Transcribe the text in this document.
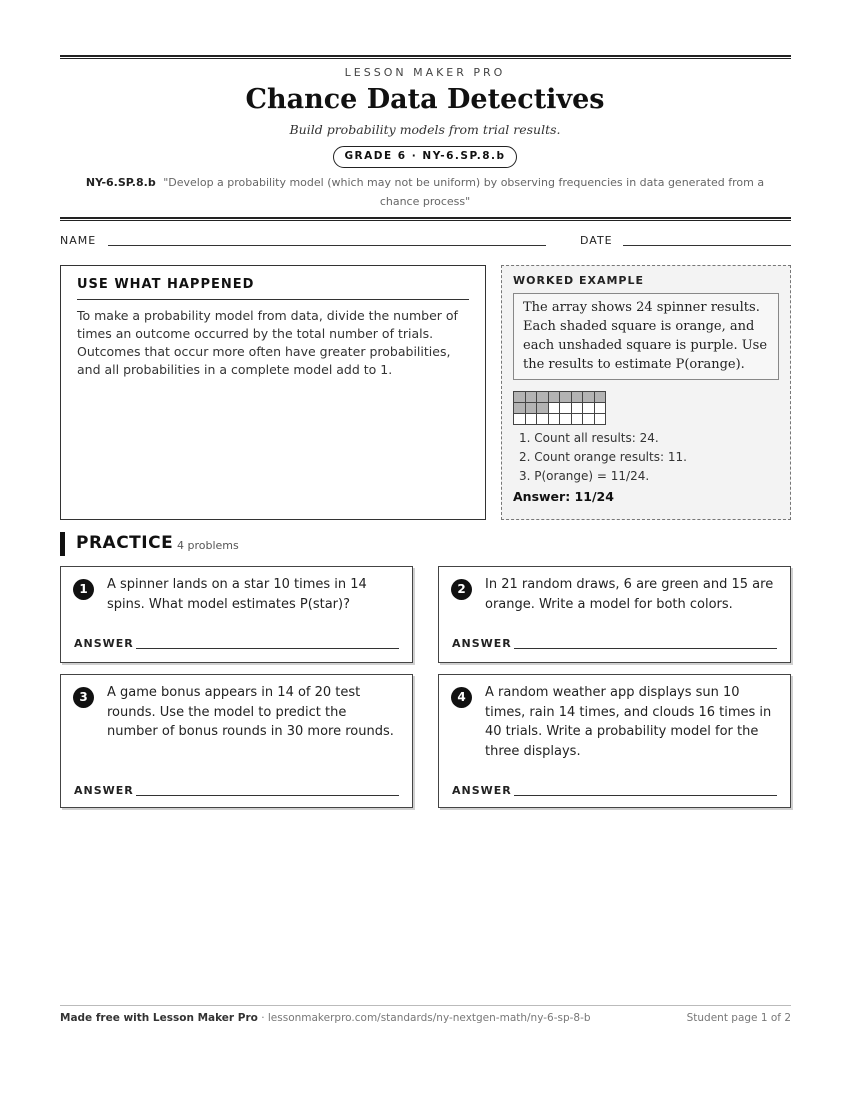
LESSON MAKER PRO
Chance Data Detectives
Build probability models from trial results.
GRADE 6 · NY-6.SP.8.b
NY-6.SP.8.b "Develop a probability model (which may not be uniform) by observing frequencies in data generated from a chance process"
NAME	DATE
USE WHAT HAPPENED

To make a probability model from data, divide the number of times an outcome occurred by the total number of trials. Outcomes that occur more often have greater probabilities, and all probabilities in a complete model add to 1.

WORKED EXAMPLE
The array shows 24 spinner results. Each shaded square is orange, and each unshaded square is purple. Use the results to estimate P(orange).
1. Count all results: 24.
2. Count orange results: 11.
3. P(orange) = 11/24.
Answer: 11/24
PRACTICE 4 problems
1	A spinner lands on a star 10 times in 14 spins. What model estimates P(star)?
ANSWER
2	In 21 random draws, 6 are green and 15 are orange. Write a model for both colors.
ANSWER
3	A game bonus appears in 14 of 20 test rounds. Use the model to predict the number of bonus rounds in 30 more rounds.
ANSWER
4	A random weather app displays sun 10 times, rain 14 times, and clouds 16 times in 40 trials. Write a probability model for the three displays.
ANSWER
Made free with Lesson Maker Pro · lessonmakerpro.com/standards/ny-nextgen-math/ny-6-sp-8-b	Student page 1 of 2
